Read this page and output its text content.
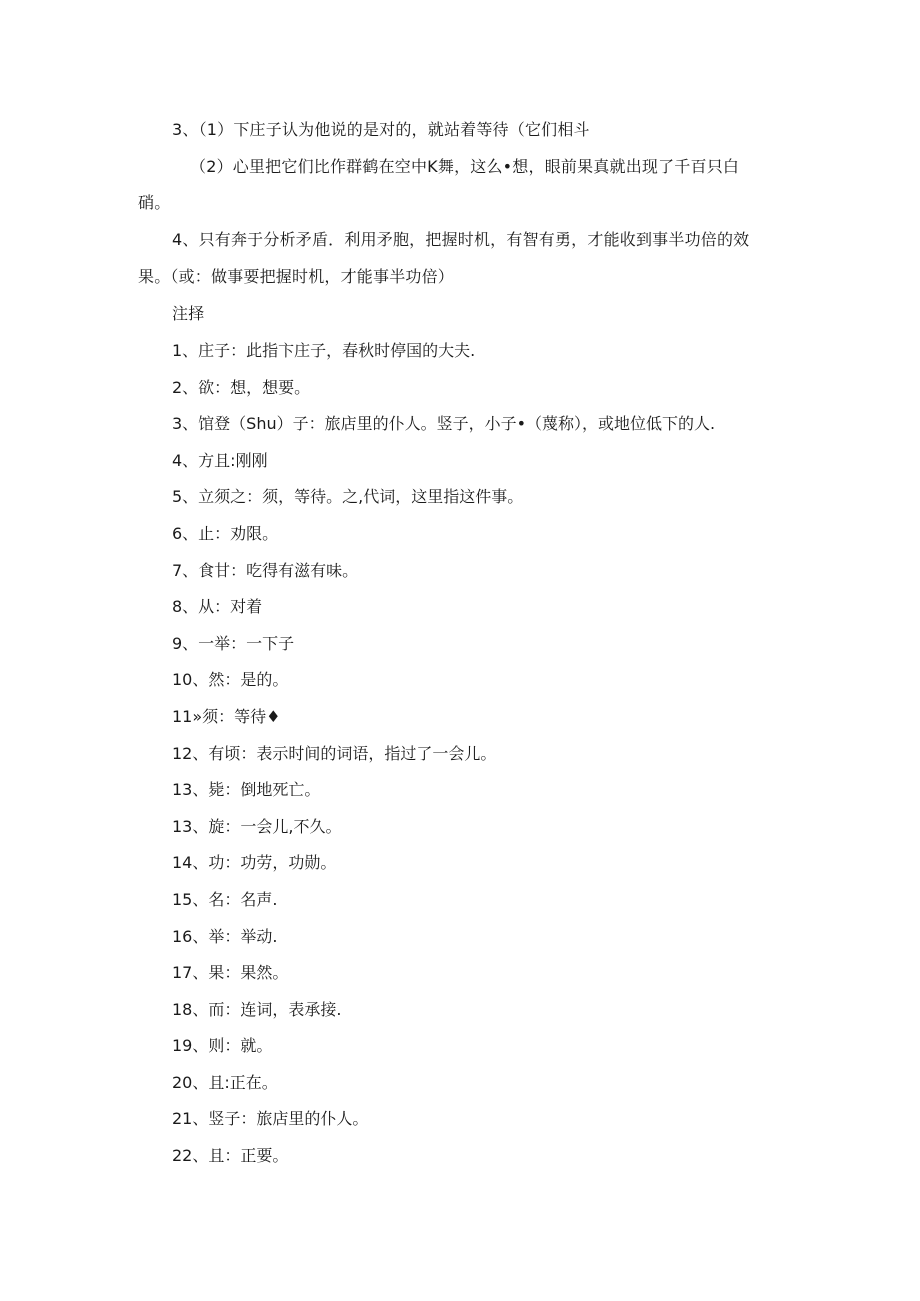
3、（1）下庄子认为他说的是对的，就站着等待（它们相斗
（2）心里把它们比作群鹤在空中K舞，这么•想，眼前果真就出现了千百只白
硝。
4、只有奔于分析矛盾．利用矛胞，把握时机，有智有勇，才能收到事半功倍的效
果。（或：做事要把握时机，才能事半功倍）
注择
1、庄子：此指卞庄子，春秋时停国的大夫.
2、欲：想，想要。
3、馆登（Shu）子：旅店里的仆人。竖子，小子•（蔑称），或地位低下的人.
4、方且:刚刚
5、立须之：须，等待。之,代词，这里指这件事。
6、止：劝限。
7、食甘：吃得有滋有味。
8、从：对着
9、一举：一下子
10、然：是的。
11»须：等待♦
12、有顷：表示时间的词语，指过了一会儿。
13、毙：倒地死亡。
13、旋：一会儿,不久。
14、功：功劳，功勋。
15、名：名声.
16、举：举动.
17、果：果然。
18、而：连词，表承接.
19、则：就。
20、且:正在。
21、竖子：旅店里的仆人。
22、且：正要。
